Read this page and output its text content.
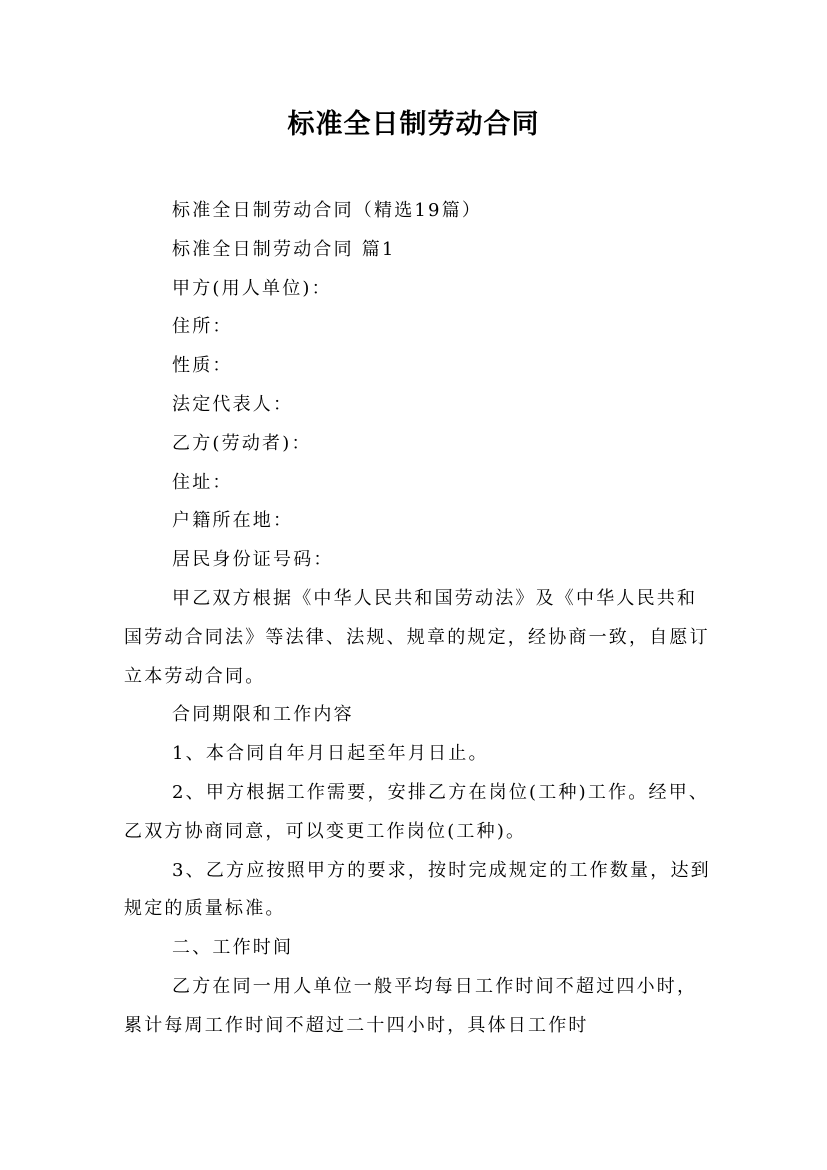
标准全日制劳动合同

标准全日制劳动合同（精选19篇）

标准全日制劳动合同 篇1

甲方(用人单位)：

住所：

性质：

法定代表人：

乙方(劳动者)：

住址：

户籍所在地：

居民身份证号码：

甲乙双方根据《中华人民共和国劳动法》及《中华人民共和国劳动合同法》等法律、法规、规章的规定，经协商一致，自愿订立本劳动合同。

合同期限和工作内容

1、本合同自年月日起至年月日止。

2、甲方根据工作需要，安排乙方在岗位(工种)工作。经甲、乙双方协商同意，可以变更工作岗位(工种)。

3、乙方应按照甲方的要求，按时完成规定的工作数量，达到规定的质量标准。

二、工作时间

乙方在同一用人单位一般平均每日工作时间不超过四小时，累计每周工作时间不超过二十四小时，具体日工作时
